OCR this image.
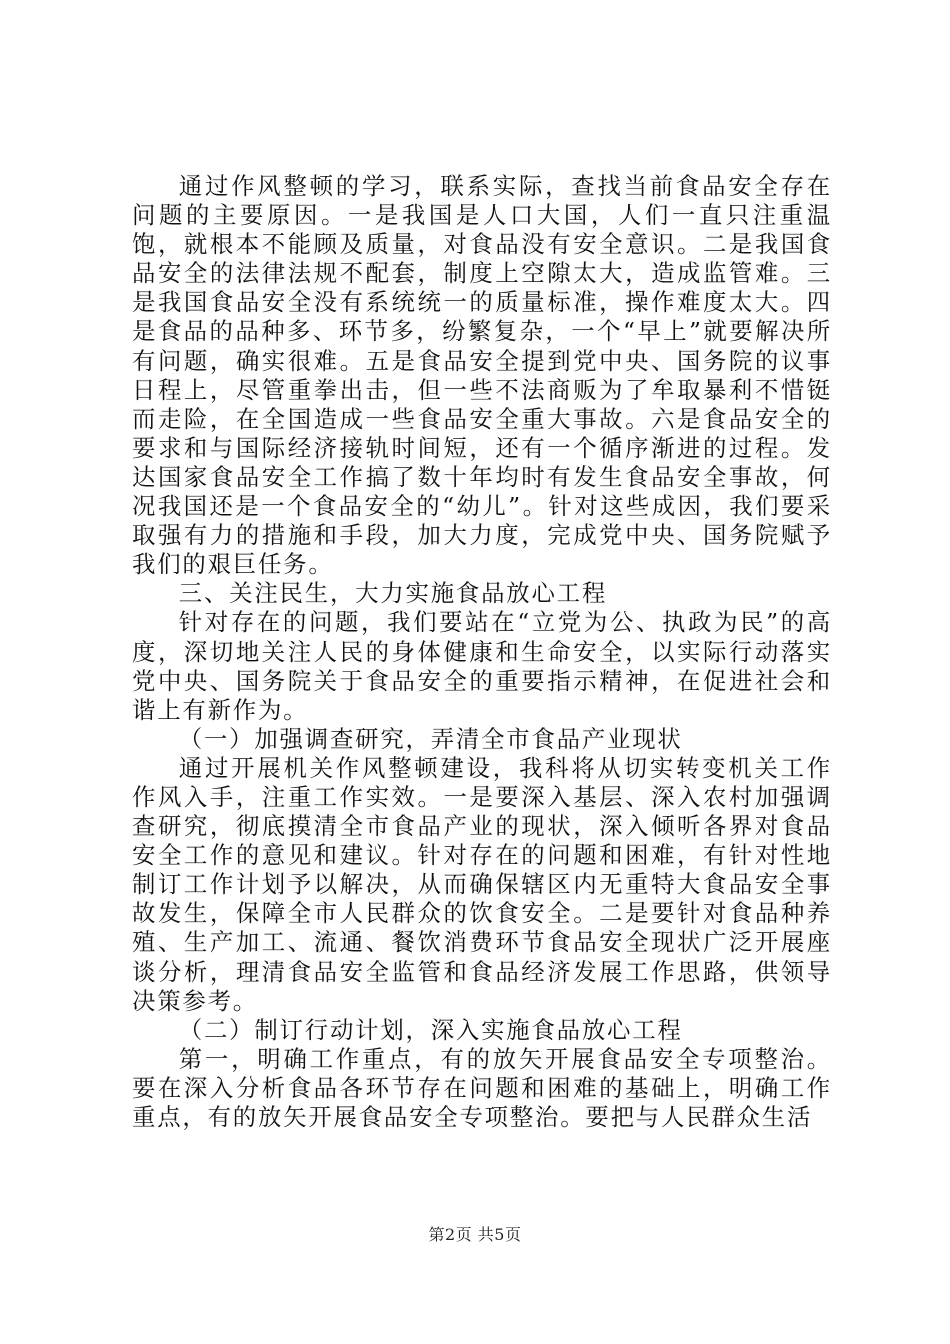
通过作风整顿的学习，联系实际，查找当前食品安全存在问题的主要原因。一是我国是人口大国，人们一直只注重温饱，就根本不能顾及质量，对食品没有安全意识。二是我国食品安全的法律法规不配套，制度上空隙太大，造成监管难。三是我国食品安全没有系统统一的质量标准，操作难度太大。四是食品的品种多、环节多，纷繁复杂，一个“早上”就要解决所有问题，确实很难。五是食品安全提到党中央、国务院的议事日程上，尽管重拳出击，但一些不法商贩为了牟取暴利不惜铤而走险，在全国造成一些食品安全重大事故。六是食品安全的要求和与国际经济接轨时间短，还有一个循序渐进的过程。发达国家食品安全工作搞了数十年均时有发生食品安全事故，何况我国还是一个食品安全的“幼儿”。针对这些成因，我们要采取强有力的措施和手段，加大力度，完成党中央、国务院赋予我们的艰巨任务。

三、关注民生，大力实施食品放心工程

针对存在的问题，我们要站在“立党为公、执政为民”的高度，深切地关注人民的身体健康和生命安全，以实际行动落实党中央、国务院关于食品安全的重要指示精神，在促进社会和谐上有新作为。

（一）加强调查研究，弄清全市食品产业现状

通过开展机关作风整顿建设，我科将从切实转变机关工作作风入手，注重工作实效。一是要深入基层、深入农村加强调查研究，彻底摸清全市食品产业的现状，深入倾听各界对食品安全工作的意见和建议。针对存在的问题和困难，有针对性地制订工作计划予以解决，从而确保辖区内无重特大食品安全事故发生，保障全市人民群众的饮食安全。二是要针对食品种养殖、生产加工、流通、餐饮消费环节食品安全现状广泛开展座谈分析，理清食品安全监管和食品经济发展工作思路，供领导决策参考。

（二）制订行动计划，深入实施食品放心工程

第一，明确工作重点，有的放矢开展食品安全专项整治。要在深入分析食品各环节存在问题和困难的基础上，明确工作重点，有的放矢开展食品安全专项整治。要把与人民群众生活

第2页 共5页
